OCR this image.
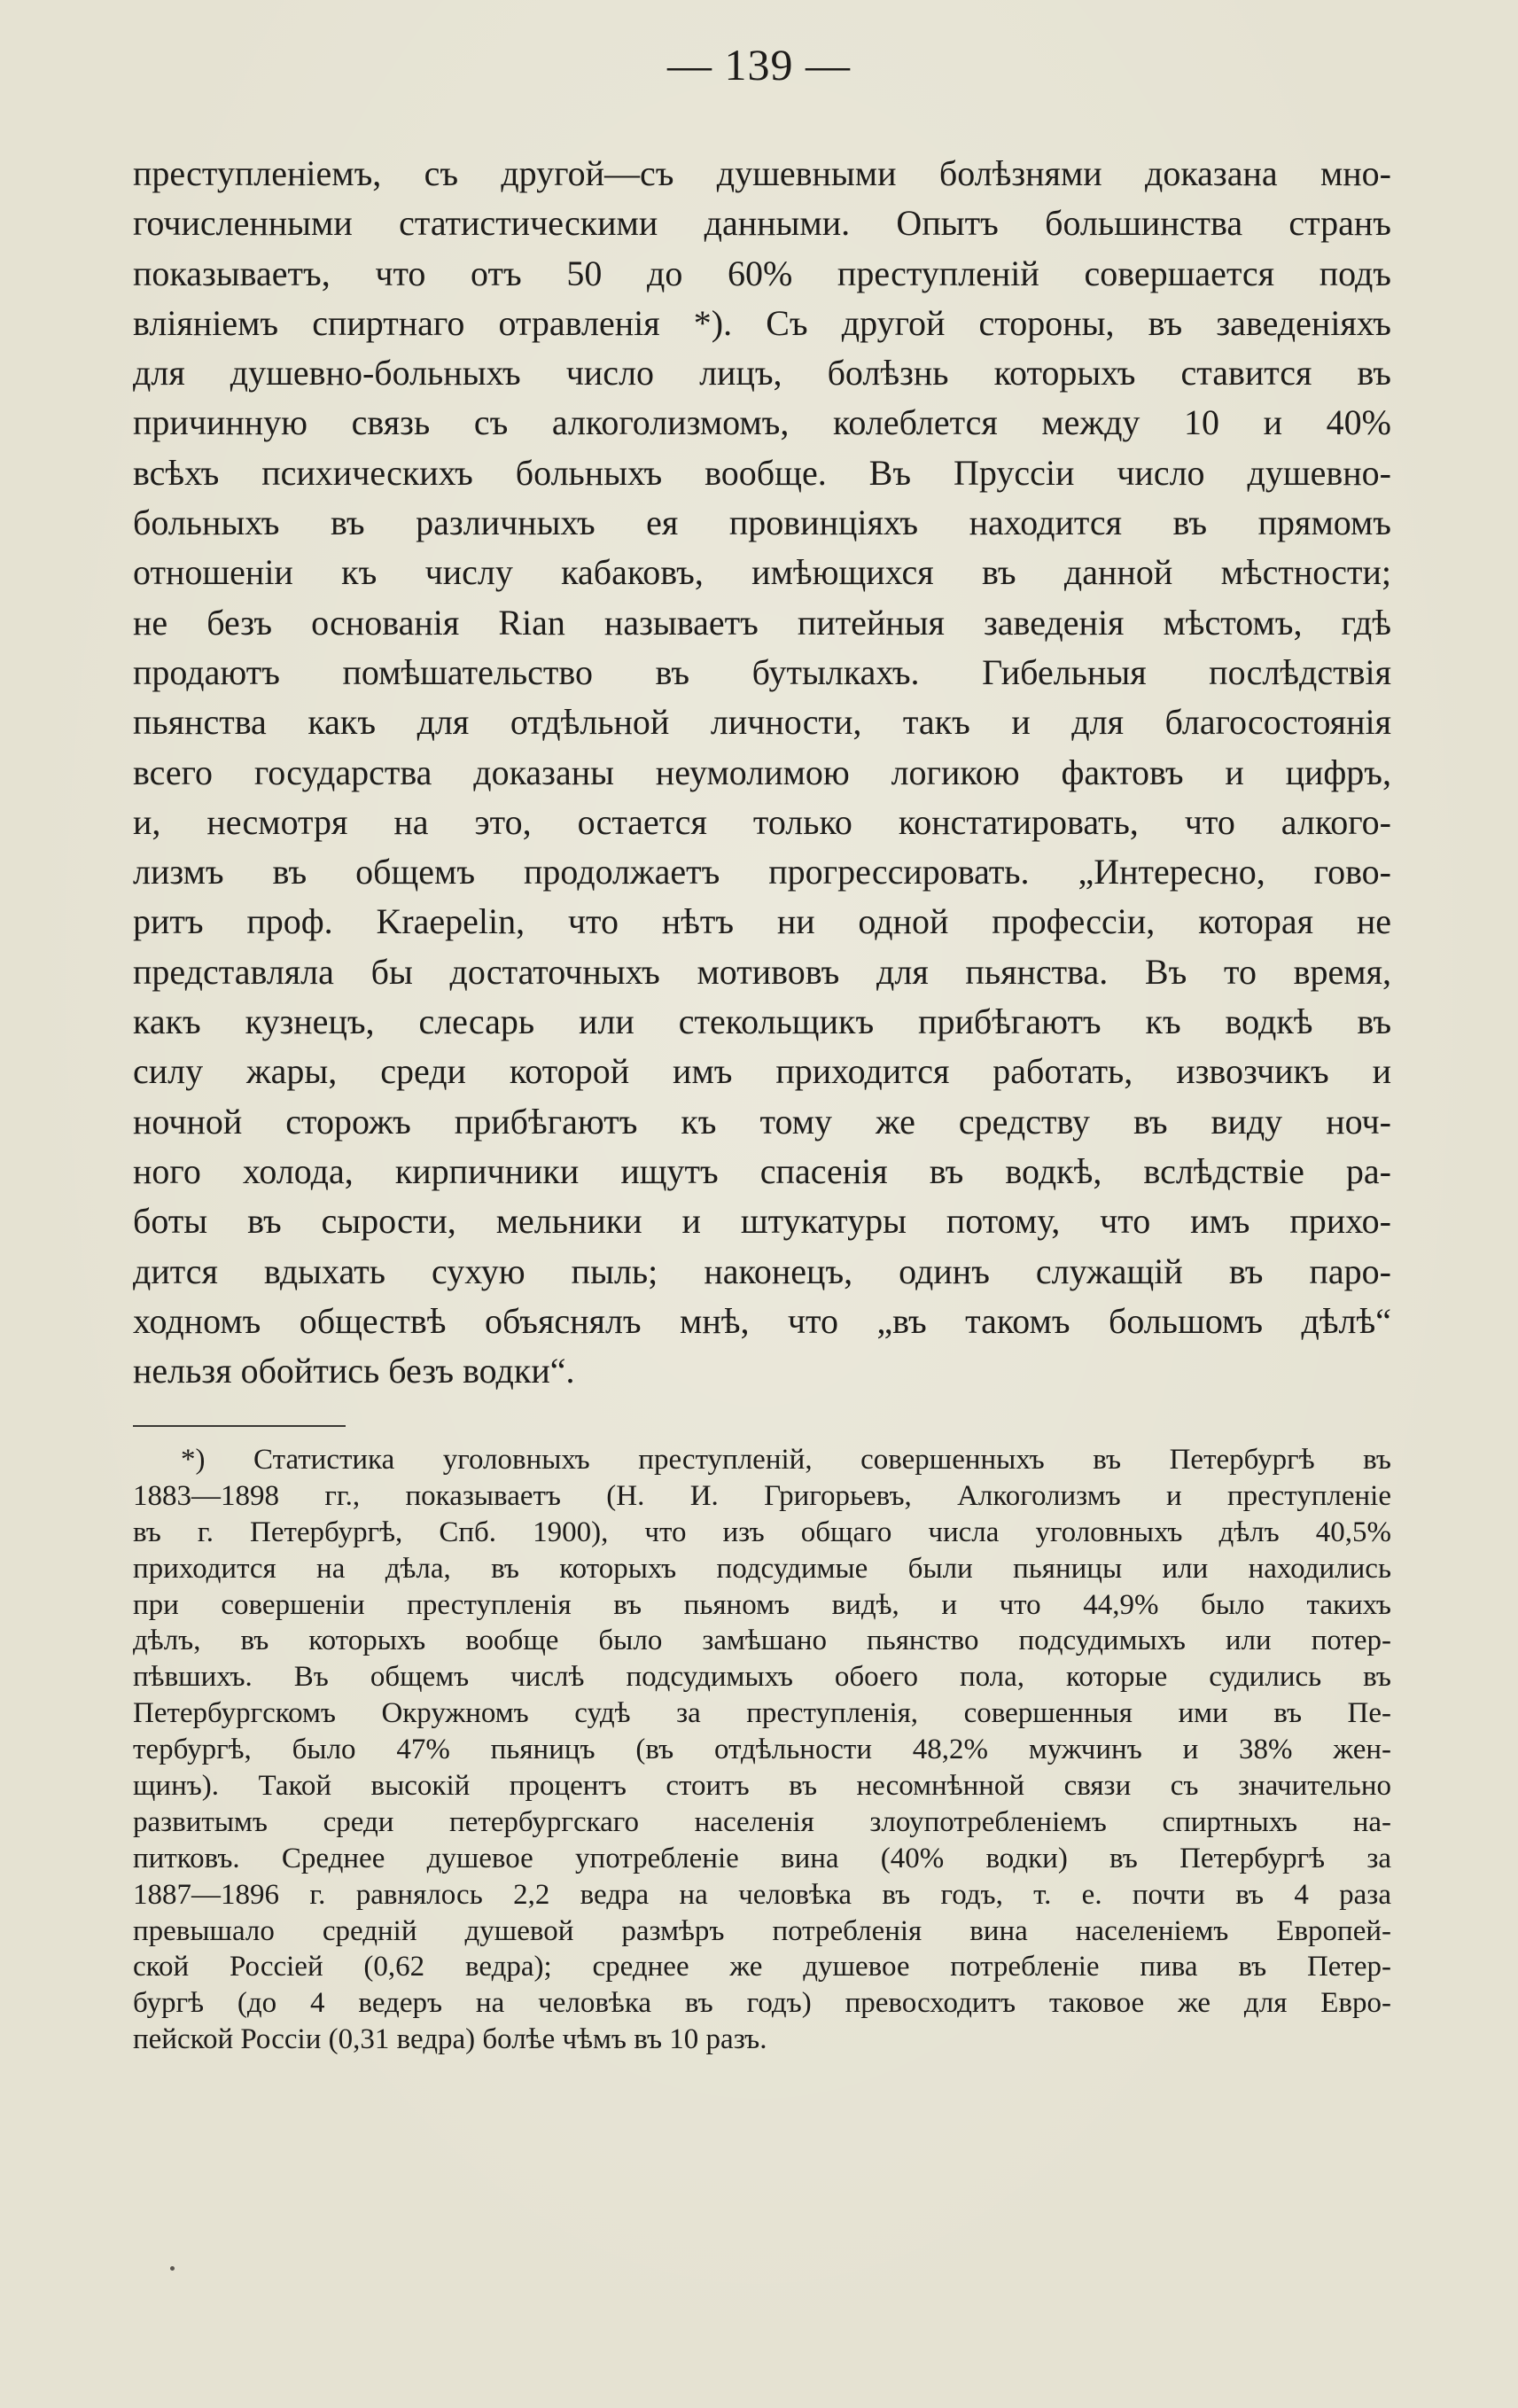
— 139 —
преступленіемъ, съ другой—съ душевными болѣзнями доказана мно-
гочисленными статистическими данными. Опытъ большинства странъ
показываетъ, что отъ 50 до 60% преступленій совершается подъ
вліяніемъ спиртнаго отравленія *). Съ другой стороны, въ заведеніяхъ
для душевно-больныхъ число лицъ, болѣзнь которыхъ ставится въ
причинную связь съ алкоголизмомъ, колеблется между 10 и 40%
всѣхъ психическихъ больныхъ вообще. Въ Пруссіи число душевно-
больныхъ въ различныхъ ея провинціяхъ находится въ прямомъ
отношеніи къ числу кабаковъ, имѣющихся въ данной мѣстности;
не безъ основанія Rian называетъ питейныя заведенія мѣстомъ, гдѣ
продаютъ помѣшательство въ бутылкахъ. Гибельныя послѣдствія
пьянства какъ для отдѣльной личности, такъ и для благосостоянія
всего государства доказаны неумолимою логикою фактовъ и цифръ,
и, несмотря на это, остается только констатировать, что алкого-
лизмъ въ общемъ продолжаетъ прогрессировать. „Интересно, гово-
ритъ проф. Kraepelin, что нѣтъ ни одной профессіи, которая не
представляла бы достаточныхъ мотивовъ для пьянства. Въ то время,
какъ кузнецъ, слесарь или стекольщикъ прибѣгаютъ къ водкѣ въ
силу жары, среди которой имъ приходится работать, извозчикъ и
ночной сторожъ прибѣгаютъ къ тому же средству въ виду ноч-
ного холода, кирпичники ищутъ спасенія въ водкѣ, вслѣдствіе ра-
боты въ сырости, мельники и штукатуры потому, что имъ прихо-
дится вдыхать сухую пыль; наконецъ, одинъ служащій въ паро-
ходномъ обществѣ объяснялъ мнѣ, что „въ такомъ большомъ дѣлѣ“
нельзя обойтись безъ водки“.
*) Статистика уголовныхъ преступленій, совершенныхъ въ Петербургѣ въ
1883—1898 гг., показываетъ (Н. И. Григорьевъ, Алкоголизмъ и преступленіе
въ г. Петербургѣ, Спб. 1900), что изъ общаго числа уголовныхъ дѣлъ 40,5%
приходится на дѣла, въ которыхъ подсудимые были пьяницы или находились
при совершеніи преступленія въ пьяномъ видѣ, и что 44,9% было такихъ
дѣлъ, въ которыхъ вообще было замѣшано пьянство подсудимыхъ или потер-
пѣвшихъ. Въ общемъ числѣ подсудимыхъ обоего пола, которые судились въ
Петербургскомъ Окружномъ судѣ за преступленія, совершенныя ими въ Пе-
тербургѣ, было 47% пьяницъ (въ отдѣльности 48,2% мужчинъ и 38% жен-
щинъ). Такой высокій процентъ стоитъ въ несомнѣнной связи съ значительно
развитымъ среди петербургскаго населенія злоупотребленіемъ спиртныхъ на-
питковъ. Среднее душевое употребленіе вина (40% водки) въ Петербургѣ за
1887—1896 г. равнялось 2,2 ведра на человѣка въ годъ, т. е. почти въ 4 раза
превышало средній душевой размѣръ потребленія вина населеніемъ Европей-
ской Россіей (0,62 ведра); среднее же душевое потребленіе пива въ Петер-
бургѣ (до 4 ведеръ на человѣка въ годъ) превосходитъ таковое же для Евро-
пейской Россіи (0,31 ведра) болѣе чѣмъ въ 10 разъ.
